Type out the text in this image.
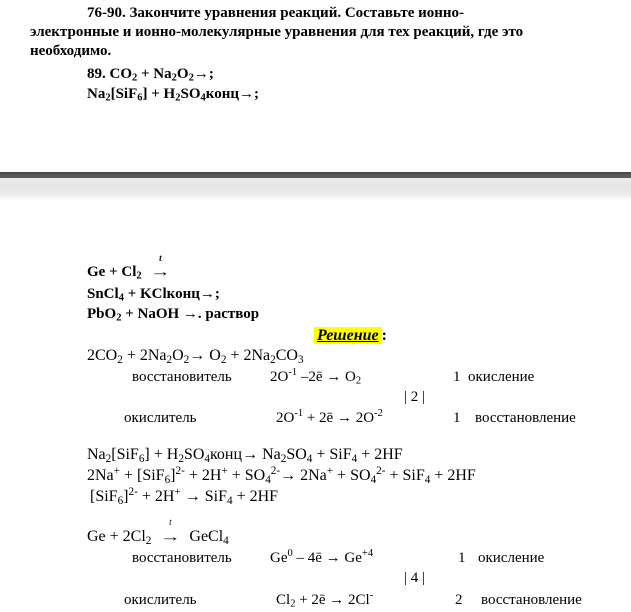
76-90. Закончите уравнения реакций. Составьте ионно-
электронные и ионно-молекулярные уравнения для тех реакций, где это
необходимо.
89. $CO_2 + Na_2O_2\to$;
$Na_2[SiF_6]$ + $H_2SO_4конц\to$;
$Ge + Cl_2$
t
→
SnCl$_4$ + KClконц→;
PbO$_2$ + NaOH →. раствор
Решение :
$2CO_2 + 2Na_2O_2\to O_2 + 2Na_2CO_3$
восстановитель	$2O^{-1}$ –2ē → $O_2$	1 окисление
| 2 |
окислитель	$2O^{-1}$ + 2ē → $2O^{-2}$	1 восстановление
$Na_2[SiF_6]$ + $H_2SO_4конц\to Na_2SO_4 + SiF_4 + 2HF$
$2Na^+ + [SiF_6]^{2-} + 2H^+ + SO_4^{2-}\to 2Na^+ + SO_4^{2-} + SiF_4 + 2HF$
$[SiF_6]^{2-} + 2H^+ \to SiF_4 + 2HF$
$Ge + 2Cl_2$
t
→ GeCl$_4$
восстановитель	Ge$^0$ – 4ē → $Ge^{+4}$	1 окисление
| 4 |
окислитель	$Cl_2$ + 2ē → 2Cl-	2 восстановление
